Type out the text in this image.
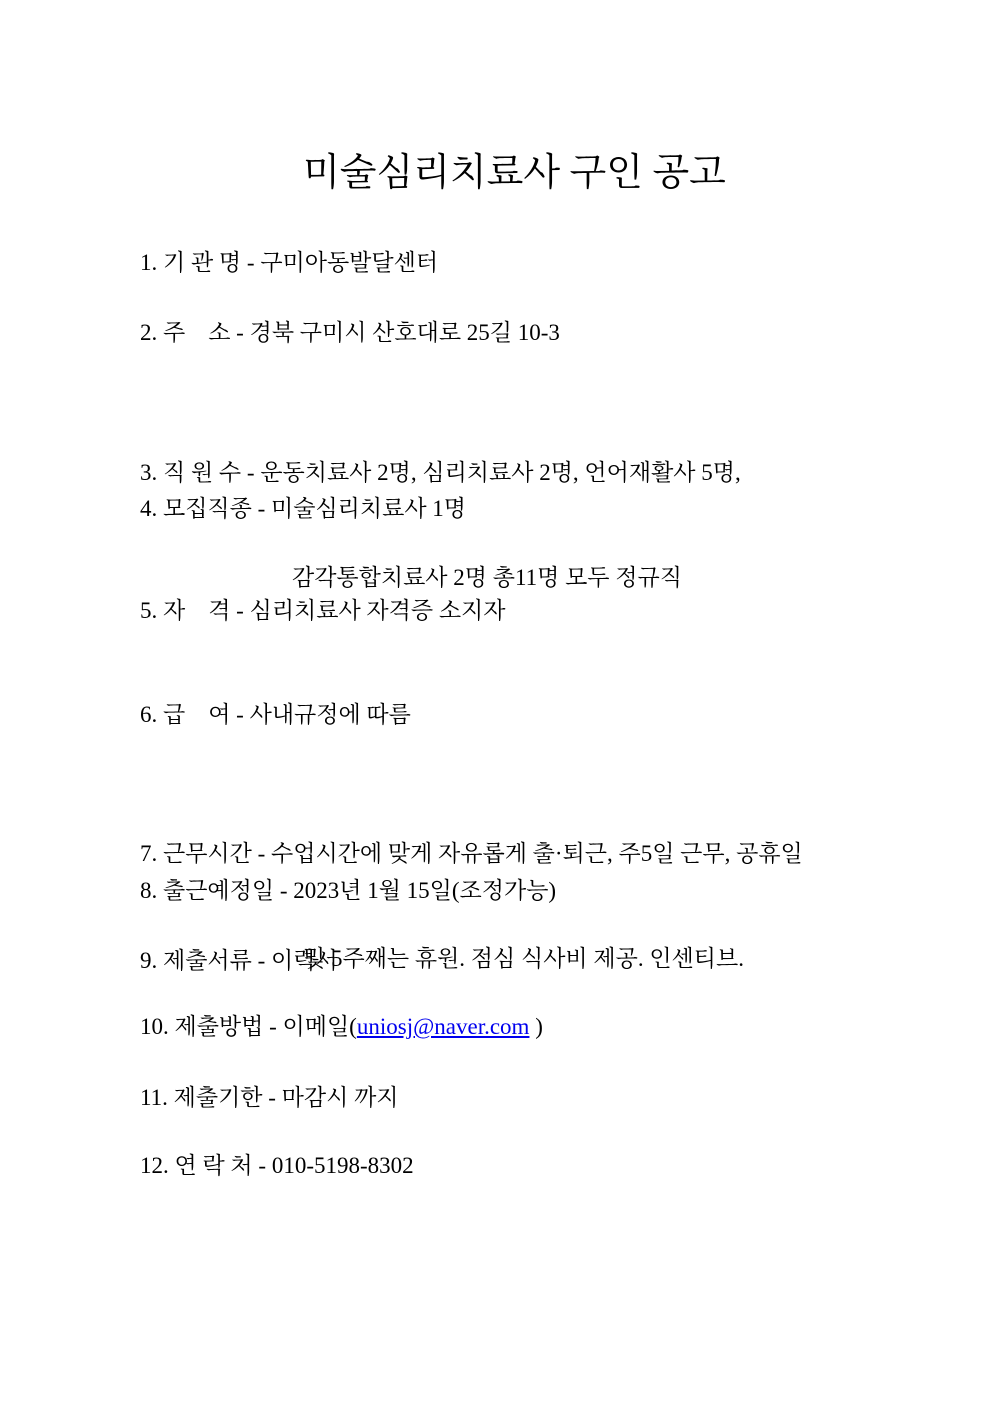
미술심리치료사 구인 공고
1. 기 관 명 - 구미아동발달센터
2. 주    소 - 경북 구미시 산호대로 25길 10-3

3. 직 원 수 - 운동치료사 2명, 심리치료사 2명, 언어재활사 5명,

감각통합치료사 2명 총11명 모두 정규직

4. 모집직종 - 미술심리치료사 1명
5. 자    격 - 심리치료사 자격증 소지자
6. 급    여 - 사내규정에 따름

7. 근무시간 - 수업시간에 맞게 자유롭게 출·퇴근, 주5일 근무, 공휴일

및 5주째는 휴원. 점심 식사비 제공. 인센티브.

8. 출근예정일 - 2023년 1월 15일(조정가능)
9. 제출서류 - 이력서
10. 제출방법 - 이메일(uniosj@naver.com )
11. 제출기한 - 마감시 까지
12. 연 락 처 - 010-5198-8302
